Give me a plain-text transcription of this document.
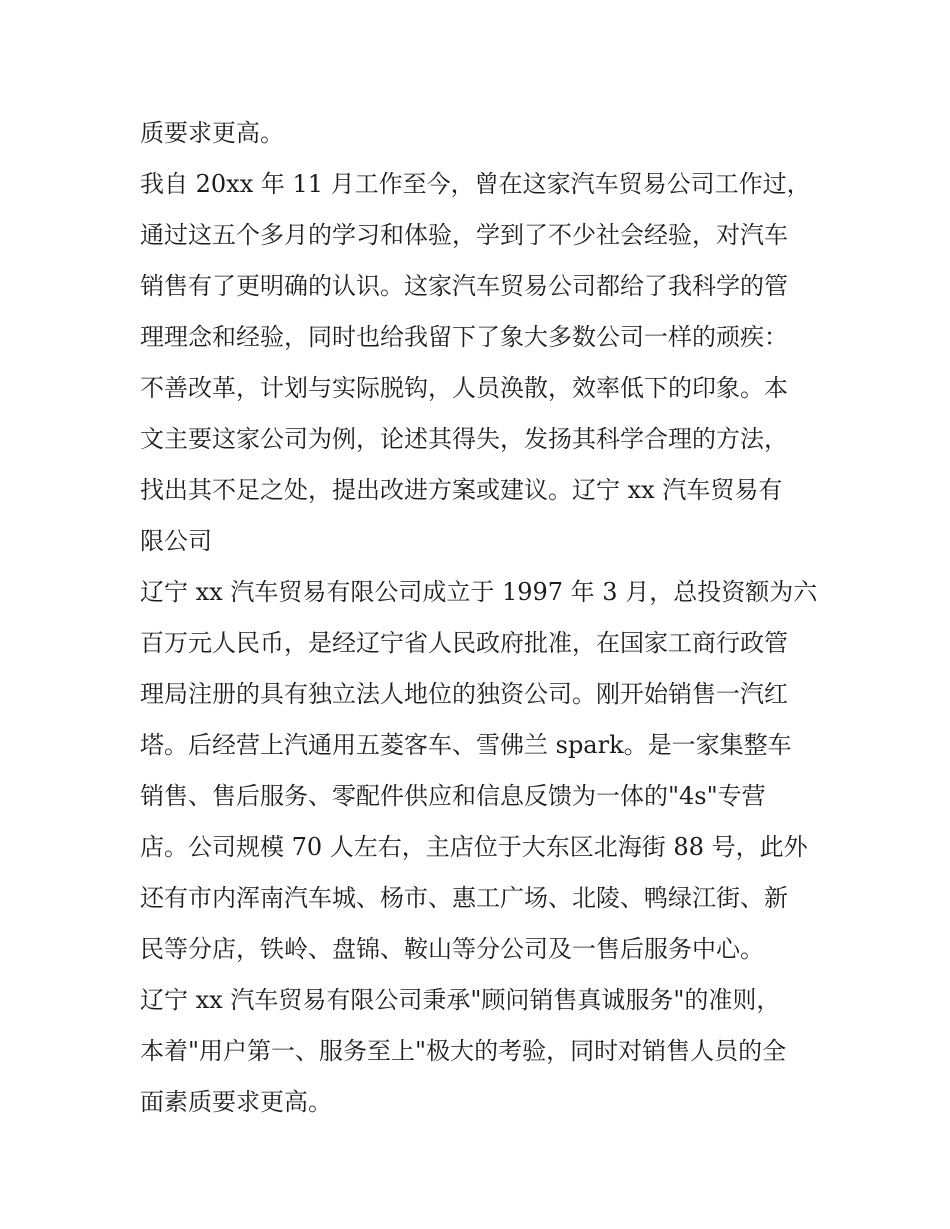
质要求更高。
我自 20xx 年 11 月工作至今，曾在这家汽车贸易公司工作过，
通过这五个多月的学习和体验，学到了不少社会经验，对汽车
销售有了更明确的认识。这家汽车贸易公司都给了我科学的管
理理念和经验，同时也给我留下了象大多数公司一样的顽疾：
不善改革，计划与实际脱钩，人员涣散，效率低下的印象。本
文主要这家公司为例，论述其得失，发扬其科学合理的方法，
找出其不足之处，提出改进方案或建议。辽宁 xx 汽车贸易有
限公司
辽宁 xx 汽车贸易有限公司成立于 1997 年 3 月，总投资额为六
百万元人民币，是经辽宁省人民政府批准，在国家工商行政管
理局注册的具有独立法人地位的独资公司。刚开始销售一汽红
塔。后经营上汽通用五菱客车、雪佛兰 spark。是一家集整车
销售、售后服务、零配件供应和信息反馈为一体的"4s"专营
店。公司规模 70 人左右，主店位于大东区北海街 88 号，此外
还有市内浑南汽车城、杨市、惠工广场、北陵、鸭绿江街、新
民等分店，铁岭、盘锦、鞍山等分公司及一售后服务中心。
辽宁 xx 汽车贸易有限公司秉承"顾问销售真诚服务"的准则，
本着"用户第一、服务至上"极大的考验，同时对销售人员的全
面素质要求更高。
